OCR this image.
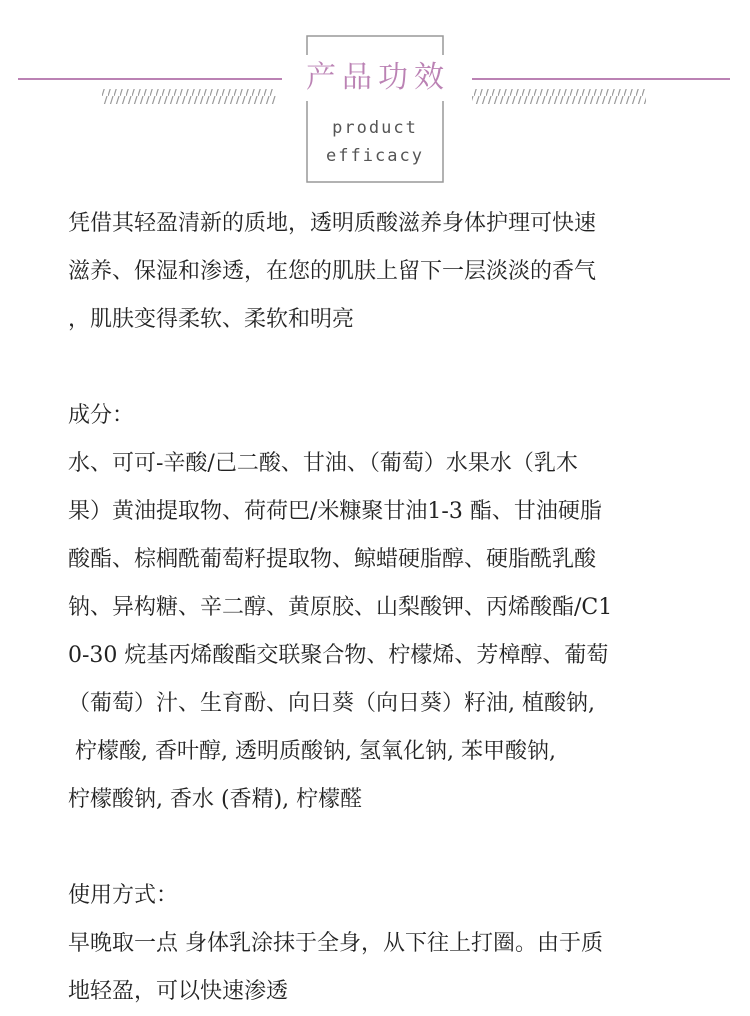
产品功效
product
efficacy

凭借其轻盈清新的质地，透明质酸滋养身体护理可快速

滋养、保湿和渗透，在您的肌肤上留下一层淡淡的香气

，肌肤变得柔软、柔软和明亮

成分：

水、可可-辛酸/己二酸、甘油、（葡萄）水果水（乳木

果）黄油提取物、荷荷巴/米糠聚甘油1-3 酯、甘油硬脂

酸酯、棕榈酰葡萄籽提取物、鲸蜡硬脂醇、硬脂酰乳酸

钠、异构糖、辛二醇、黄原胶、山梨酸钾、丙烯酸酯/C1

0-30 烷基丙烯酸酯交联聚合物、柠檬烯、芳樟醇、葡萄

（葡萄）汁、生育酚、向日葵（向日葵）籽油, 植酸钠,

柠檬酸, 香叶醇, 透明质酸钠, 氢氧化钠, 苯甲酸钠,

柠檬酸钠, 香水 (香精), 柠檬醛

使用方式：

早晚取一点 身体乳涂抹于全身，从下往上打圈。由于质

地轻盈，可以快速渗透
